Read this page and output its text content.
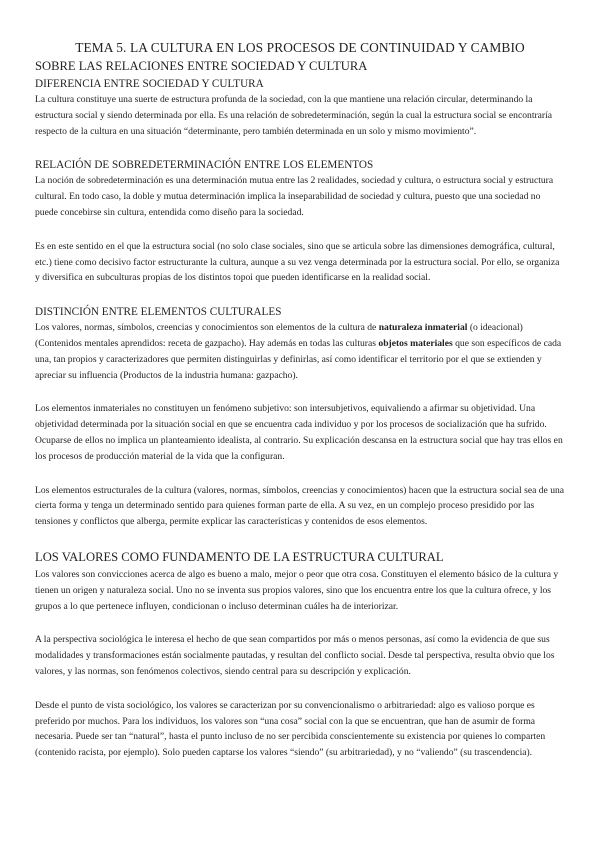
TEMA 5. LA CULTURA EN LOS PROCESOS DE CONTINUIDAD Y CAMBIO
SOBRE LAS RELACIONES ENTRE SOCIEDAD Y CULTURA
DIFERENCIA ENTRE SOCIEDAD Y CULTURA

La cultura constituye una suerte de estructura profunda de la sociedad, con la que mantiene una relación circular, determinando la estructura social y siendo determinada por ella. Es una relación de sobredeterminación, según la cual la estructura social se encontraría respecto de la cultura en una situación “determinante, pero también determinada en un solo y mismo movimiento”.

RELACIÓN DE SOBREDETERMINACIÓN ENTRE LOS ELEMENTOS

La noción de sobredeterminación es una determinación mutua entre las 2 realidades, sociedad y cultura, o estructura social y estructura cultural. En todo caso, la doble y mutua determinación implica la inseparabilidad de sociedad y cultura, puesto que una sociedad no puede concebirse sin cultura, entendida como diseño para la sociedad.

Es en este sentido en el que la estructura social (no solo clase sociales, sino que se articula sobre las dimensiones demográfica, cultural, etc.) tiene como decisivo factor estructurante la cultura, aunque a su vez venga determinada por la estructura social. Por ello, se organiza y diversifica en subculturas propias de los distintos topoi que pueden identificarse en la realidad social.

DISTINCIÓN ENTRE ELEMENTOS CULTURALES

Los valores, normas, símbolos, creencias y conocimientos son elementos de la cultura de naturaleza inmaterial (o ideacional) (Contenidos mentales aprendidos: receta de gazpacho). Hay además en todas las culturas objetos materiales que son específicos de cada una, tan propios y caracterizadores que permiten distinguirlas y definirlas, así como identificar el territorio por el que se extienden y apreciar su influencia (Productos de la industria humana: gazpacho).

Los elementos inmateriales no constituyen un fenómeno subjetivo: son intersubjetivos, equivaliendo a afirmar su objetividad. Una objetividad determinada por la situación social en que se encuentra cada individuo y por los procesos de socialización que ha sufrido. Ocuparse de ellos no implica un planteamiento idealista, al contrario. Su explicación descansa en la estructura social que hay tras ellos en los procesos de producción material de la vida que la configuran.

Los elementos estructurales de la cultura (valores, normas, símbolos, creencias y conocimientos) hacen que la estructura social sea de una cierta forma y tenga un determinado sentido para quienes forman parte de ella. A su vez, en un complejo proceso presidido por las tensiones y conflictos que alberga, permite explicar las características y contenidos de esos elementos.

LOS VALORES COMO FUNDAMENTO DE LA ESTRUCTURA CULTURAL

Los valores son convicciones acerca de algo es bueno a malo, mejor o peor que otra cosa. Constituyen el elemento básico de la cultura y tienen un origen y naturaleza social. Uno no se inventa sus propios valores, sino que los encuentra entre los que la cultura ofrece, y los grupos a lo que pertenece influyen, condicionan o incluso determinan cuáles ha de interiorizar.

A la perspectiva sociológica le interesa el hecho de que sean compartidos por más o menos personas, así como la evidencia de que sus modalidades y transformaciones están socialmente pautadas, y resultan del conflicto social. Desde tal perspectiva, resulta obvio que los valores, y las normas, son fenómenos colectivos, siendo central para su descripción y explicación.

Desde el punto de vista sociológico, los valores se caracterizan por su convencionalismo o arbitrariedad: algo es valioso porque es preferido por muchos. Para los individuos, los valores son “una cosa” social con la que se encuentran, que han de asumir de forma necesaria. Puede ser tan “natural”, hasta el punto incluso de no ser percibida conscientemente su existencia por quienes lo comparten (contenido racista, por ejemplo). Solo pueden captarse los valores “siendo” (su arbitrariedad), y no “valiendo” (su trascendencia).
